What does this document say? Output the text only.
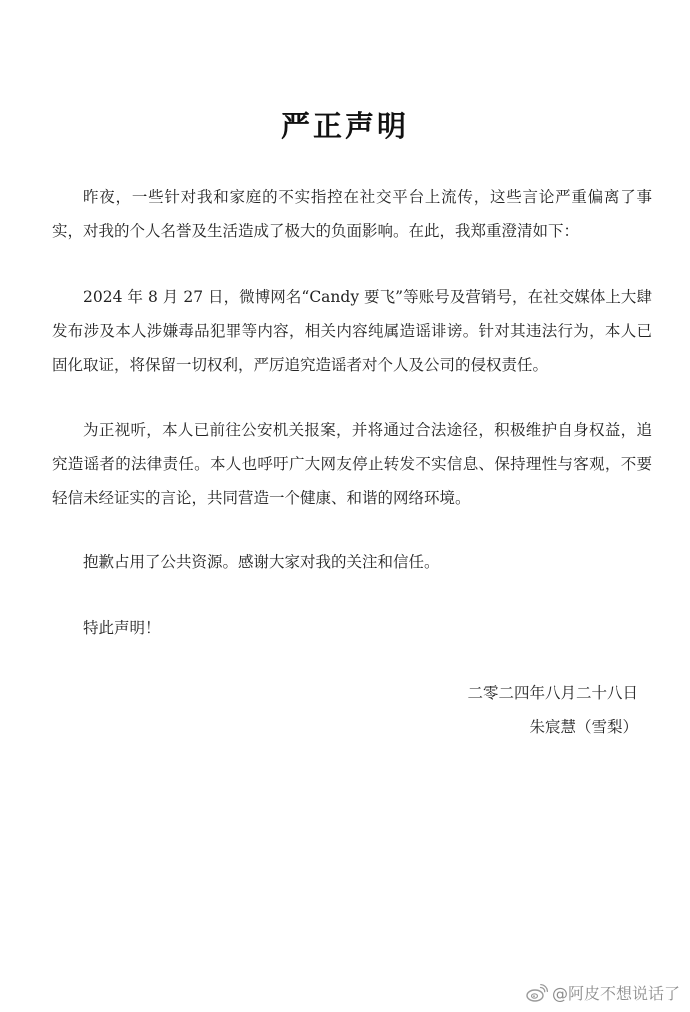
严正声明

昨夜，一些针对我和家庭的不实指控在社交平台上流传，这些言论严重偏离了事实，对我的个人名誉及生活造成了极大的负面影响。在此，我郑重澄清如下：

2024 年 8 月 27 日，微博网名“Candy 要飞”等账号及营销号，在社交媒体上大肆发布涉及本人涉嫌毒品犯罪等内容，相关内容纯属造谣诽谤。针对其违法行为，本人已固化取证，将保留一切权利，严厉追究造谣者对个人及公司的侵权责任。

为正视听，本人已前往公安机关报案，并将通过合法途径，积极维护自身权益，追究造谣者的法律责任。本人也呼吁广大网友停止转发不实信息、保持理性与客观，不要轻信未经证实的言论，共同营造一个健康、和谐的网络环境。

抱歉占用了公共资源。感谢大家对我的关注和信任。

特此声明！

二零二四年八月二十八日
朱宸慧（雪梨）
@阿皮不想说话了
